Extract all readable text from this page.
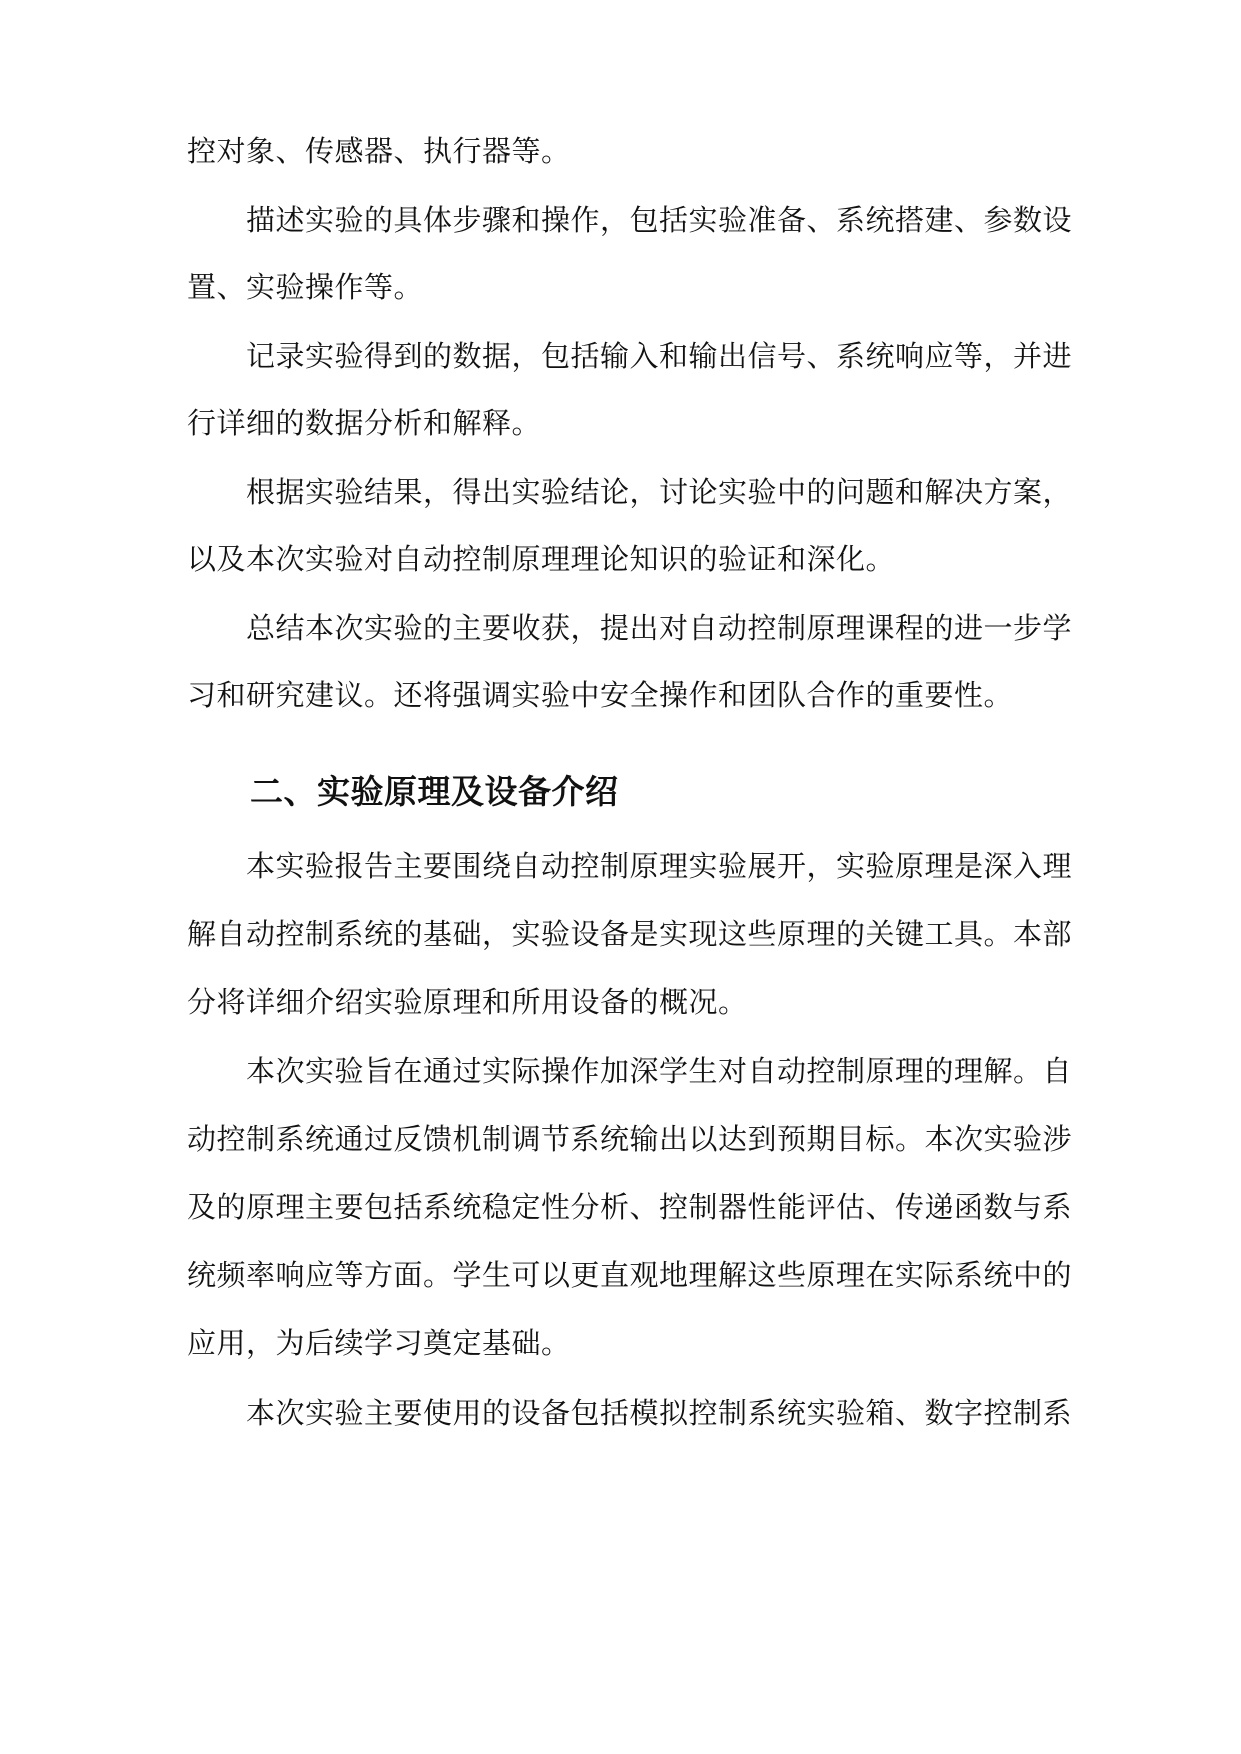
控对象、传感器、执行器等。
描述实验的具体步骤和操作，包括实验准备、系统搭建、参数设
置、实验操作等。
记录实验得到的数据，包括输入和输出信号、系统响应等，并进
行详细的数据分析和解释。
根据实验结果，得出实验结论，讨论实验中的问题和解决方案，
以及本次实验对自动控制原理理论知识的验证和深化。
总结本次实验的主要收获，提出对自动控制原理课程的进一步学
习和研究建议。还将强调实验中安全操作和团队合作的重要性。
二、实验原理及设备介绍
本实验报告主要围绕自动控制原理实验展开，实验原理是深入理
解自动控制系统的基础，实验设备是实现这些原理的关键工具。本部
分将详细介绍实验原理和所用设备的概况。
本次实验旨在通过实际操作加深学生对自动控制原理的理解。自
动控制系统通过反馈机制调节系统输出以达到预期目标。本次实验涉
及的原理主要包括系统稳定性分析、控制器性能评估、传递函数与系
统频率响应等方面。学生可以更直观地理解这些原理在实际系统中的
应用，为后续学习奠定基础。
本次实验主要使用的设备包括模拟控制系统实验箱、数字控制系
